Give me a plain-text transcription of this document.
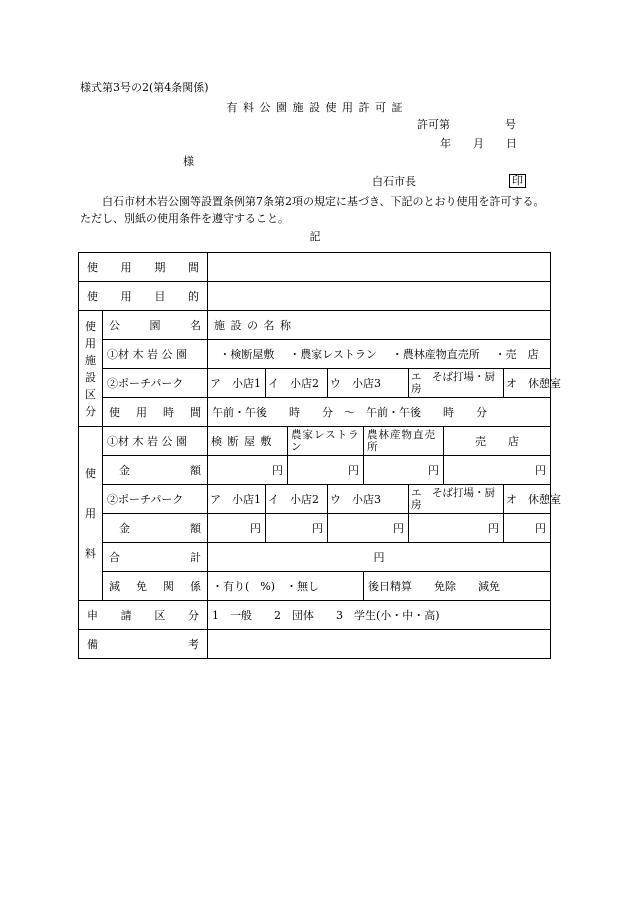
様式第3号の2(第4条関係)
有 料 公 園 施 設 使 用 許 可 証
許可第　　　　　号
年　　月　　日
様
白石市長	印
白石市材木岩公園等設置条例第7条第2項の規定に基づき、下記のとおり使用を許可する。ただし、別紙の使用条件を遵守すること。
記
使　用　期　間									
使　用　目　的									
使用施設区分	公　園　名	施 設 の 名 称							
	①材 木 岩 公 園	・検断屋敷 ・農家レストラン ・農林産物直売所 ・売　店							

	②ポーチパーク	ア　小店1	イ　小店2		ウ　小店3		エ　そば打場・厨房		オ　休憩室
	使　用　時　間	午前・午後　　時　　分　～　午前・午後　　時　　分							
使用料	①材 木 岩 公 園	検 断 屋 敷		農家レストラン		農林産物直売所		売　　店	
	金　　額	円		円		円		円	
	②ポーチパーク	ア　小店1	イ　小店2		ウ　小店3		エ　そば打場・厨房		オ　休憩室
	金　　額	円	円		円		円		円
	合　　計	円							
	減　免　関　係	・有り(　%)　・無し				後日精算　　免除　　減免			
申　請　区　分		1　一般　　2　団体　　3　学生(小・中・高)							
備　　　　　考									
